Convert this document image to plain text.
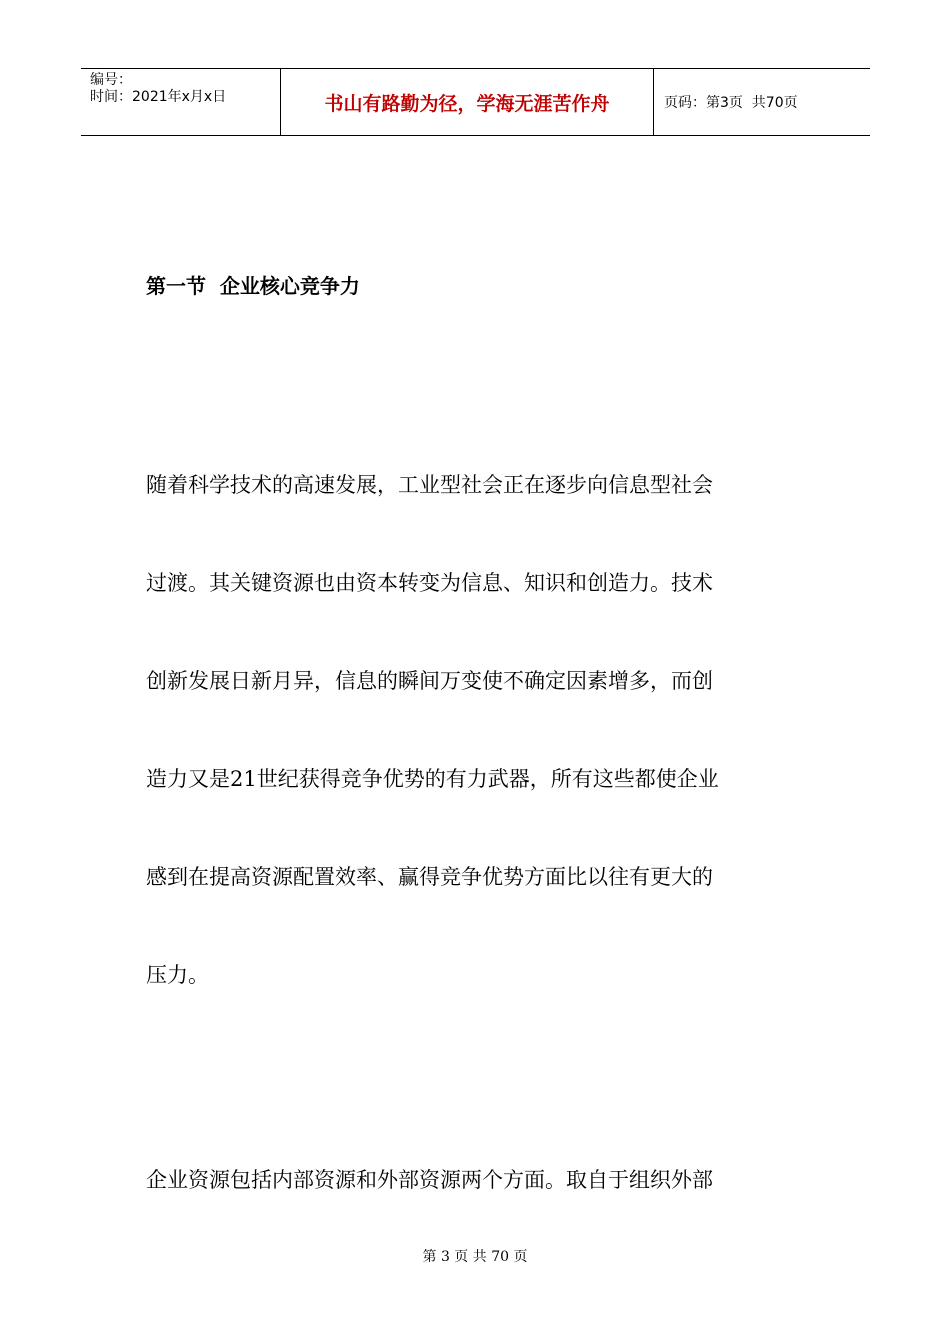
编号：
时间：2021年x月x日	书山有路勤为径，学海无涯苦作舟	页码：第3页  共70页
第一节  企业核心竞争力
随着科学技术的高速发展，工业型社会正在逐步向信息型社会
过渡。其关键资源也由资本转变为信息、知识和创造力。技术
创新发展日新月异，信息的瞬间万变使不确定因素增多，而创
造力又是21世纪获得竞争优势的有力武器，所有这些都使企业
感到在提高资源配置效率、赢得竞争优势方面比以往有更大的
压力。
企业资源包括内部资源和外部资源两个方面。取自于组织外部
第 3 页 共 70 页
